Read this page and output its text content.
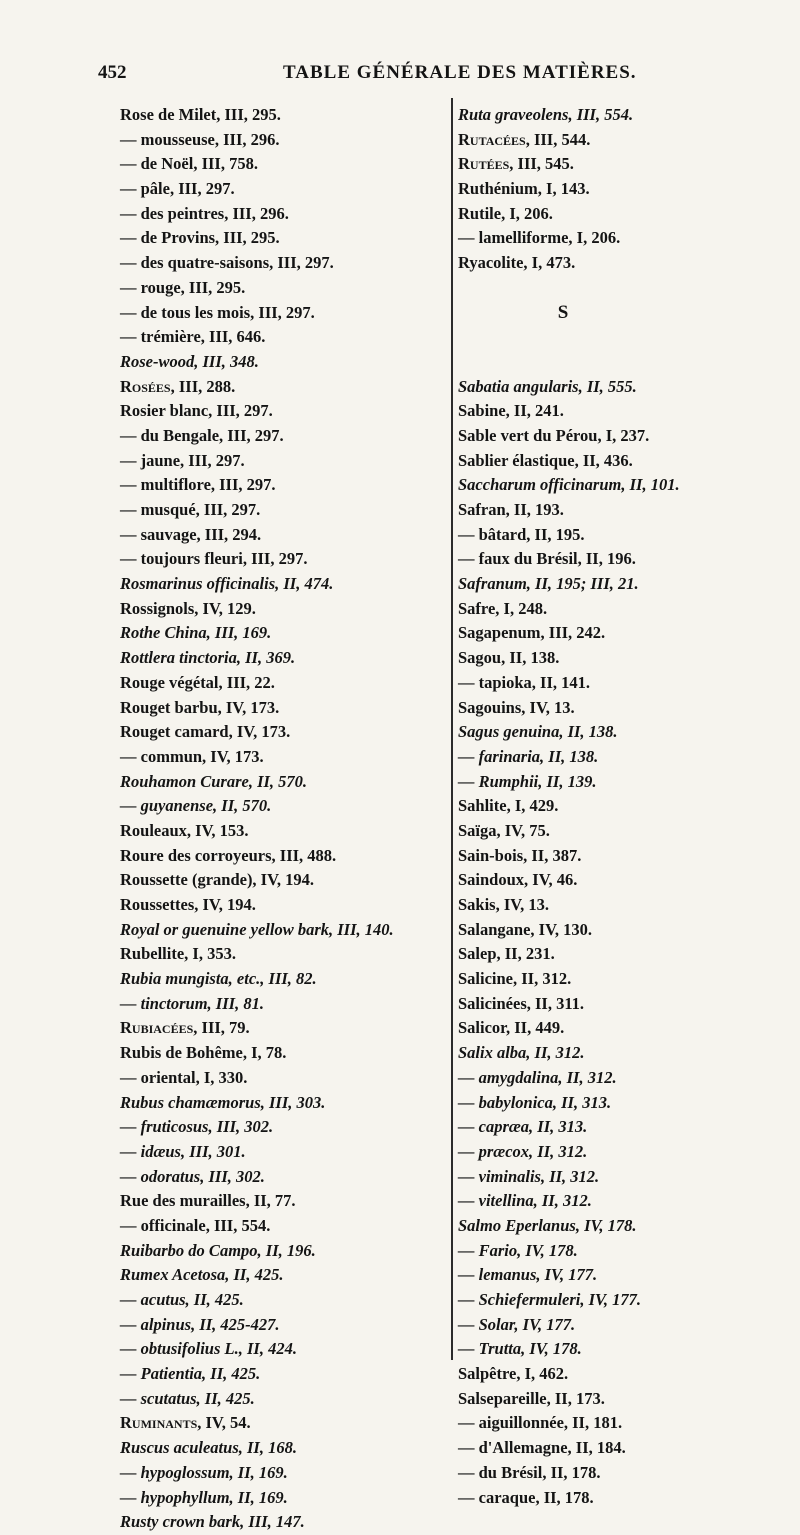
452	TABLE GÉNÉRALE DES MATIÈRES.
Rose de Milet, III, 295.
— mousseuse, III, 296.
— de Noël, III, 758.
— pâle, III, 297.
— des peintres, III, 296.
— de Provins, III, 295.
— des quatre-saisons, III, 297.
— rouge, III, 295.
— de tous les mois, III, 297.
— trémière, III, 646.
Rose-wood, III, 348.
Rosées, III, 288.
Rosier blanc, III, 297.
— du Bengale, III, 297.
— jaune, III, 297.
— multiflore, III, 297.
— musqué, III, 297.
— sauvage, III, 294.
— toujours fleuri, III, 297.
Rosmarinus officinalis, II, 474.
Rossignols, IV, 129.
Rothe China, III, 169.
Rottlera tinctoria, II, 369.
Rouge végétal, III, 22.
Rouget barbu, IV, 173.
Rouget camard, IV, 173.
— commun, IV, 173.
Rouhamon Curare, II, 570.
— guyanense, II, 570.
Rouleaux, IV, 153.
Roure des corroyeurs, III, 488.
Roussette (grande), IV, 194.
Roussettes, IV, 194.
Royal or guenuine yellow bark, III, 140.
Rubellite, I, 353.
Rubia mungista, etc., III, 82.
— tinctorum, III, 81.
Rubiacées, III, 79.
Rubis de Bohême, I, 78.
— oriental, I, 330.
Rubus chamæmorus, III, 303.
— fruticosus, III, 302.
— idæus, III, 301.
— odoratus, III, 302.
Rue des murailles, II, 77.
— officinale, III, 554.
Ruibarbo do Campo, II, 196.
Rumex Acetosa, II, 425.
— acutus, II, 425.
— alpinus, II, 425-427.
— obtusifolius L., II, 424.
— Patientia, II, 425.
— scutatus, II, 425.
Ruminants, IV, 54.
Ruscus aculeatus, II, 168.
— hypoglossum, II, 169.
— hypophyllum, II, 169.
Rusty crown bark, III, 147.
Ruta graveolens, III, 554.
Rutacées, III, 544.
Rutées, III, 545.
Ruthénium, I, 143.
Rutile, I, 206.
— lamelliforme, I, 206.
Ryacolite, I, 473.
S
Sabatia angularis, II, 555.
Sabine, II, 241.
Sable vert du Pérou, I, 237.
Sablier élastique, II, 436.
Saccharum officinarum, II, 101.
Safran, II, 193.
— bâtard, II, 195.
— faux du Brésil, II, 196.
Safranum, II, 195; III, 21.
Safre, I, 248.
Sagapenum, III, 242.
Sagou, II, 138.
— tapioka, II, 141.
Sagouins, IV, 13.
Sagus genuina, II, 138.
— farinaria, II, 138.
— Rumphii, II, 139.
Sahlite, I, 429.
Saïga, IV, 75.
Sain-bois, II, 387.
Saindoux, IV, 46.
Sakis, IV, 13.
Salangane, IV, 130.
Salep, II, 231.
Salicine, II, 312.
Salicinées, II, 311.
Salicor, II, 449.
Salix alba, II, 312.
— amygdalina, II, 312.
— babylonica, II, 313.
— capræa, II, 313.
— præcox, II, 312.
— viminalis, II, 312.
— vitellina, II, 312.
Salmo Eperlanus, IV, 178.
— Fario, IV, 178.
— lemanus, IV, 177.
— Schiefermuleri, IV, 177.
— Solar, IV, 177.
— Trutta, IV, 178.
Salpêtre, I, 462.
Salsepareille, II, 173.
— aiguillonnée, II, 181.
— d'Allemagne, II, 184.
— du Brésil, II, 178.
— caraque, II, 178.
